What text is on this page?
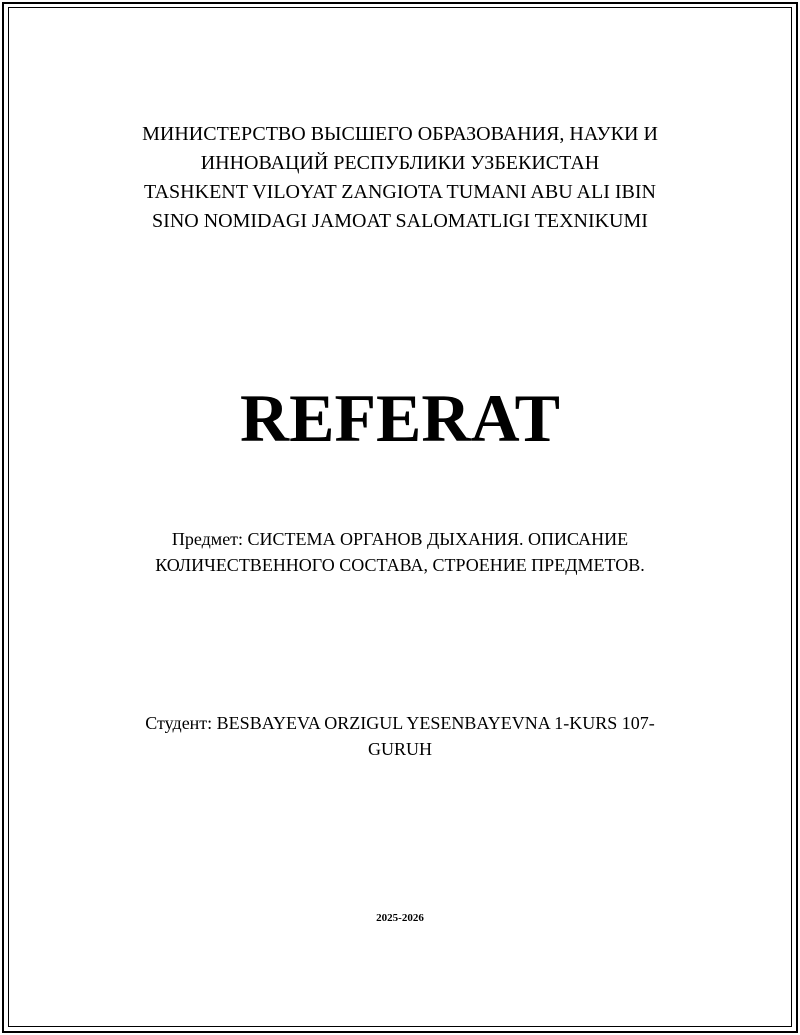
МИНИСТЕРСТВО ВЫСШЕГО ОБРАЗОВАНИЯ, НАУКИ И
ИННОВАЦИЙ РЕСПУБЛИКИ УЗБЕКИСТАН
TASHKENT VILOYAT ZANGIOTA TUMANI ABU ALI IBIN
SINO NOMIDAGI JAMOAT SALOMATLIGI TEXNIKUMI
REFERAT
Предмет: СИСТЕМА ОРГАНОВ ДЫХАНИЯ. ОПИСАНИЕ
КОЛИЧЕСТВЕННОГО СОСТАВА, СТРОЕНИЕ ПРЕДМЕТОВ.
Студент: BESBAYEVA ORZIGUL YESENBAYEVNA 1-KURS 107-
GURUH
2025-2026
